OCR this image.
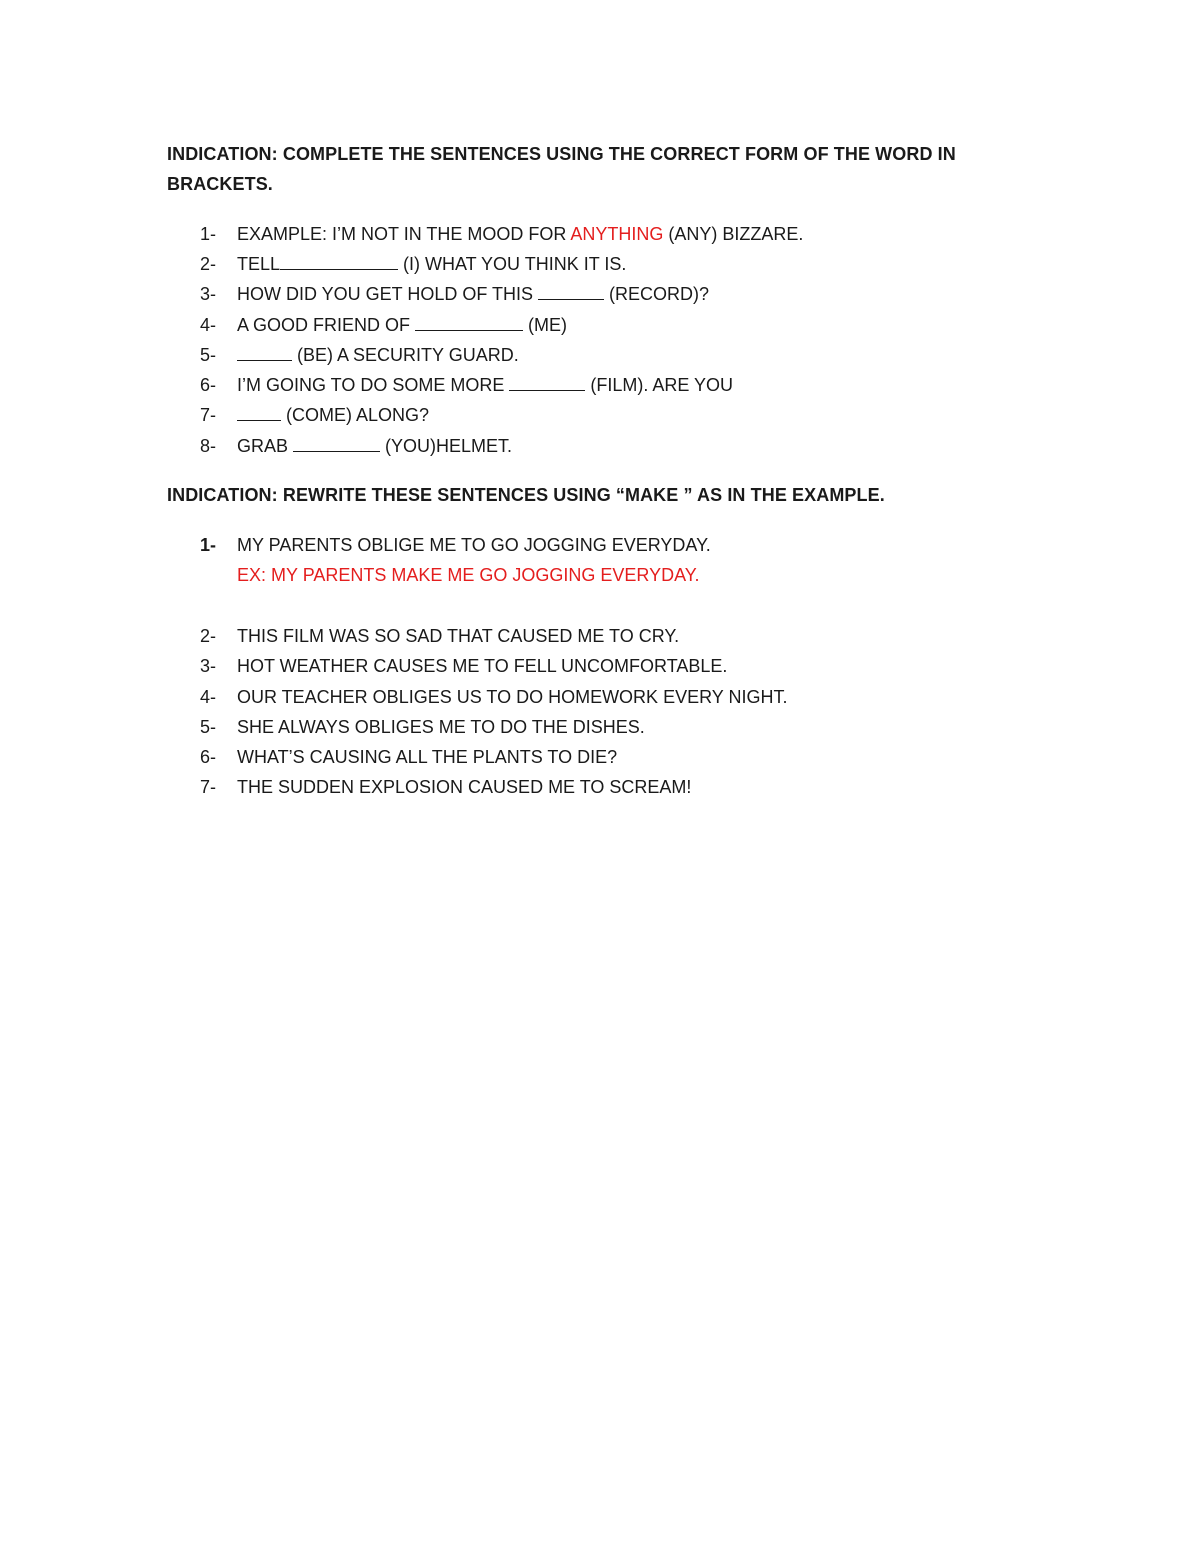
INDICATION: COMPLETE THE SENTENCES USING THE CORRECT FORM OF THE WORD IN BRACKETS.
1-	EXAMPLE: I’M NOT IN THE MOOD FOR ANYTHING (ANY) BIZZARE.
2-	TELL	(I) WHAT YOU THINK IT IS.
3-	HOW DID YOU GET HOLD OF THIS	(RECORD)?
4-	A GOOD FRIEND OF	(ME)
5-	(BE) A SECURITY GUARD.
6-	I’M GOING TO DO SOME MORE	(FILM). ARE YOU
7-	(COME) ALONG?
8-	GRAB	(YOU)HELMET.
INDICATION: REWRITE THESE SENTENCES USING “MAKE ” AS IN THE EXAMPLE.
1-	MY PARENTS OBLIGE ME TO GO JOGGING EVERYDAY.
EX: MY PARENTS MAKE ME GO JOGGING EVERYDAY.
2-	THIS FILM WAS SO SAD THAT CAUSED ME TO CRY.
3-	HOT WEATHER CAUSES ME TO FELL UNCOMFORTABLE.
4-	OUR TEACHER OBLIGES US TO DO HOMEWORK EVERY NIGHT.
5-	SHE ALWAYS OBLIGES ME TO DO THE DISHES.
6-	WHAT’S CAUSING ALL THE PLANTS TO DIE?
7-	THE SUDDEN EXPLOSION CAUSED ME TO SCREAM!
